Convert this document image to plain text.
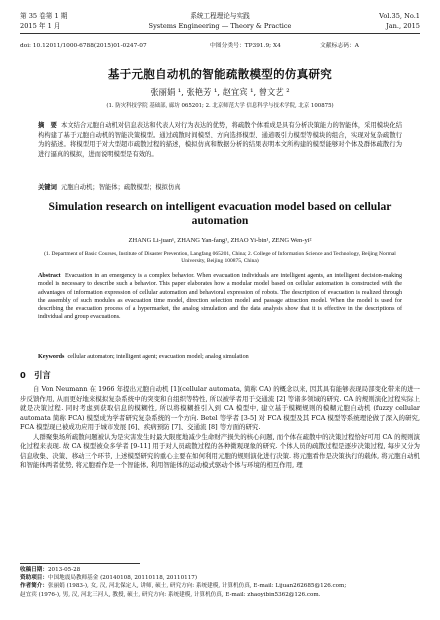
第 35 卷第 1 期	系统工程理论与实践	Vol.35, No.1
2015 年 1 月	Systems Engineering — Theory & Practice	Jan., 2015
doi: 10.12011/1000-6788(2015)01-0247-07	中图分类号：TP391.9; X4	文献标志码：A
基于元胞自动机的智能疏散模型的仿真研究
张丽娟 ¹, 张艳芳 ¹, 赵宜宾 ¹, 曾文艺 ²
(1. 防灾科技学院 基础部, 廊坊 065201; 2. 北京师范大学 信息科学与技术学院, 北京 100875)
摘　要 本文结合元胞自动机对信息表达和代表人对行为表达的优势，将疏散个体看成是具有分析决策能力的智能体，采用模块化结构构建了基于元胞自动机的智能决策模型。通过疏散时间模型、方向选择模型、通道吸引力模型等模块的组合，实现对复杂疏散行为的描述。将模型用于对大型超市疏散过程的描述，模拟仿真和数据分析的结果表明本文所构建的模型能够对个体及群体疏散行为进行逼真的模拟，进而说明模型是有效的。
关键词 元胞自动机；智能体；疏散模型；模拟仿真
Simulation research on intelligent evacuation model based on cellular automation
ZHANG Li-juan¹, ZHANG Yan-fang¹, ZHAO Yi-bin¹, ZENG Wen-yi²
(1. Department of Basic Courses, Institute of Disaster Prevention, Langfang 065201, China; 2. College of Information Science and Technology, Beijing Normal University, Beijing 100875, China)
Abstract Evacuation in an emergency is a complex behavior. When evacuation individuals are intelligent agents, an intelligent decision-making model is necessary to describe such a behavior. This paper elaborates how a modular model based on cellular automation is constructed with the advantages of information expression of cellular automation and behavioral expression of robots. The description of evacuation is realized through the assembly of such modules as evacuation time model, direction selection model and passage attraction model. When the model is used for describing the evacuation process of a hypermarket, the analog simulation and the data analysis show that it is effective in the descriptions of individual and group evacuations.
Keywords cellular automaton; intelligent agent; evacuation model; analog simulation
0　引言

自 Von Neumann 在 1966 年提出元胞自动机 [1](cellular automata, 简称 CA) 的概念以来, 因其具有能够表现局部变化带来的进一步反馈作用, 从而更好地来模拟复杂系统中的突变和自组织等特性, 所以被学者用于交通流 [2] 等诸多领域的研究. CA 的规则演化过程实际上就是决策过程. 同时考虑到获取信息的模糊性, 所以将模糊推引入到 CA 模型中, 建立基于模糊规则的模糊元胞自动机 (fuzzy cellular automata 简称 FCA) 模型成为学者研究复杂系统的一个方向. Betel 等学者 [3-5] 对 FCA 模型及其 FCA 模型等系统理论做了深入的研究, FCA 模型现已被成功应用于城市发展 [6]、疾病预防 [7]、交通流 [8] 等方面的研究.

人群聚集场所疏散问题被认为是灾害发生时最大限度地减少生命财产损失的核心问题, 而个体在疏散中的决策过程恰好可用 CA 的规则演化过程来表现. 故 CA 模型被众多学者 [9-11] 用于对人员疏散过程的各种微观现象的研究. 个体人员的疏散过程是逐步决策过程, 每步又分为信息收集、决策、移动三个环节, 上述模型研究的重心主要在如何利用元胞的规则演化进行决策. 将元胞看作是决策执行的载体, 将元胞自动机和智能体两者优势, 将元胞看作是一个智能体, 利用智能体的运动模式驱动个体与环境的相互作用, 理

收稿日期：2013-05-28
资助项目：中国地震局教师基金 (20140108, 20110118, 20110117)
作者简介：张丽娟 (1983-), 女, 汉, 河北保定人, 讲师, 硕士, 研究方向: 系统建模, 计算机仿真, E-mail: Lijuan262685@126.com;
赵宜宾 (1976-), 男, 汉, 河北三河人, 教授, 硕士, 研究方向: 系统建模, 计算机仿真, E-mail: zhaoyibin5362@126.com.
